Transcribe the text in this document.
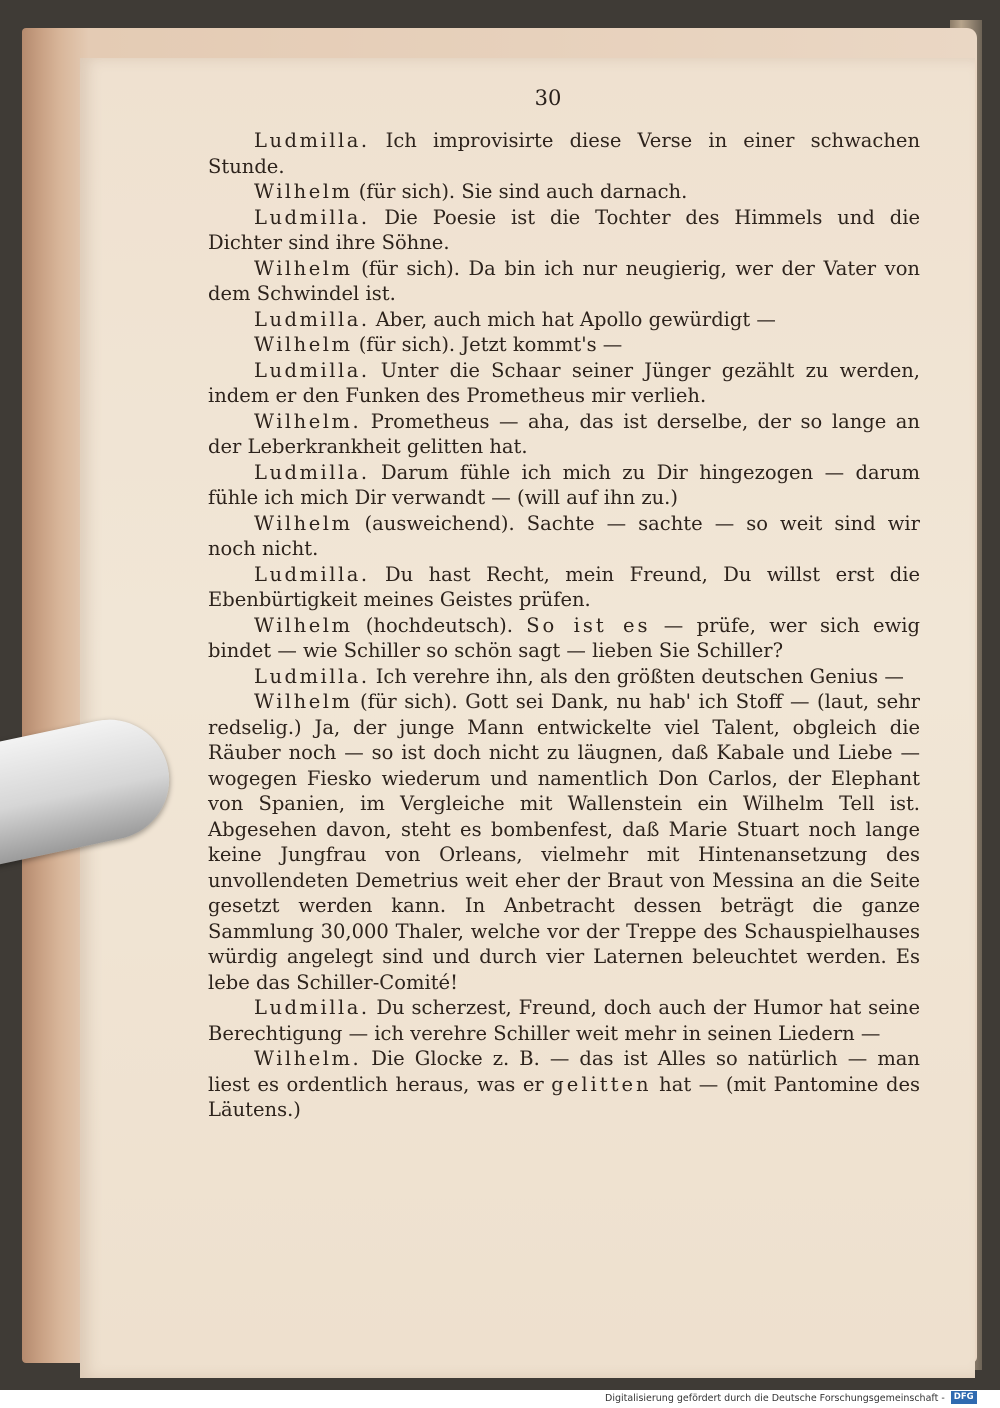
30

Ludmilla. Ich improvisirte diese Verse in einer schwachen Stunde.

Wilhelm (für sich). Sie sind auch darnach.

Ludmilla. Die Poesie ist die Tochter des Himmels und die Dichter sind ihre Söhne.

Wilhelm (für sich). Da bin ich nur neugierig, wer der Vater von dem Schwindel ist.

Ludmilla. Aber, auch mich hat Apollo gewürdigt —

Wilhelm (für sich). Jetzt kommt's —

Ludmilla. Unter die Schaar seiner Jünger gezählt zu werden, indem er den Funken des Prometheus mir verlieh.

Wilhelm. Prometheus — aha, das ist derselbe, der so lange an der Leberkrankheit gelitten hat.

Ludmilla. Darum fühle ich mich zu Dir hingezogen — darum fühle ich mich Dir verwandt — (will auf ihn zu.)

Wilhelm (ausweichend). Sachte — sachte — so weit sind wir noch nicht.

Ludmilla. Du hast Recht, mein Freund, Du willst erst die Ebenbürtigkeit meines Geistes prüfen.

Wilhelm (hochdeutsch). So ist es — prüfe, wer sich ewig bindet — wie Schiller so schön sagt — lieben Sie Schiller?

Ludmilla. Ich verehre ihn, als den größten deutschen Genius —

Wilhelm (für sich). Gott sei Dank, nu hab' ich Stoff — (laut, sehr redselig.) Ja, der junge Mann entwickelte viel Talent, obgleich die Räuber noch — so ist doch nicht zu läugnen, daß Kabale und Liebe — wogegen Fiesko wiederum und namentlich Don Carlos, der Elephant von Spanien, im Vergleiche mit Wallenstein ein Wilhelm Tell ist. Abgesehen davon, steht es bombenfest, daß Marie Stuart noch lange keine Jungfrau von Orleans, vielmehr mit Hintenansetzung des unvollendeten Demetrius weit eher der Braut von Messina an die Seite gesetzt werden kann. In Anbetracht dessen beträgt die ganze Sammlung 30,000 Thaler, welche vor der Treppe des Schauspielhauses würdig angelegt sind und durch vier Laternen beleuchtet werden. Es lebe das Schiller-Comité!

Ludmilla. Du scherzest, Freund, doch auch der Humor hat seine Berechtigung — ich verehre Schiller weit mehr in seinen Liedern —

Wilhelm. Die Glocke z. B. — das ist Alles so natürlich — man liest es ordentlich heraus, was er gelitten hat — (mit Pantomine des Läutens.)

Digitalisierung gefördert durch die Deutsche Forschungsgemeinschaft - DFG
